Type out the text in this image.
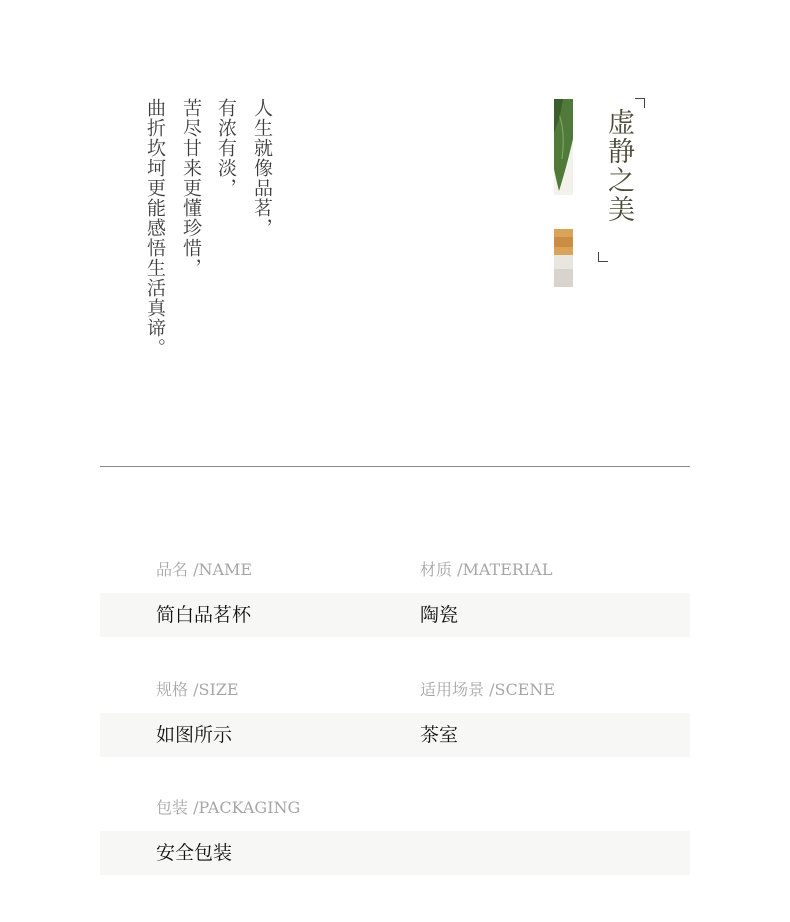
人生就像品茗，
有浓有淡，
苦尽甘来更懂珍惜，
曲折坎坷更能感悟生活真谛。	虚静之美
品名 /NAME	材质 /MATERIAL
简白品茗杯	陶瓷
规格 /SIZE	适用场景 /SCENE
如图所示	茶室
包装 /PACKAGING
安全包装
